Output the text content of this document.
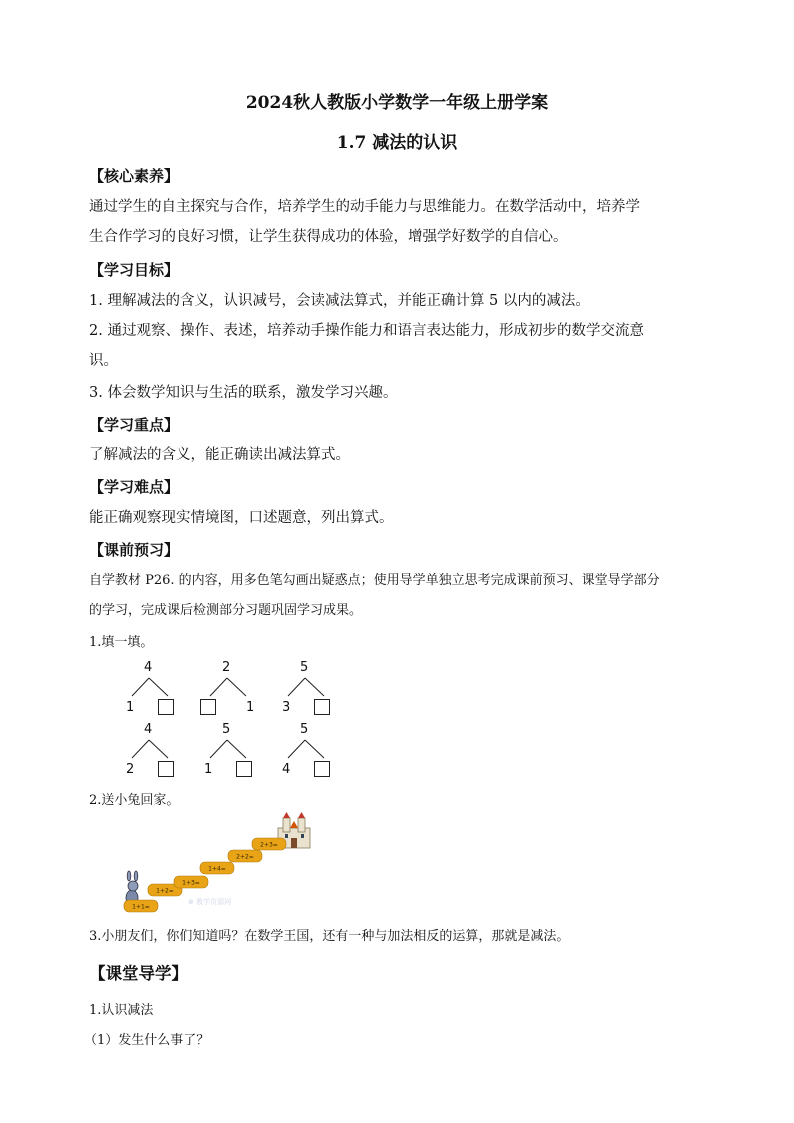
2024秋人教版小学数学一年级上册学案
1.7 减法的认识
【核心素养】
通过学生的自主探究与合作，培养学生的动手能力与思维能力。在数学活动中，培养学
生合作学习的良好习惯，让学生获得成功的体验，增强学好数学的自信心。
【学习目标】
1. 理解减法的含义，认识减号，会读减法算式，并能正确计算 5 以内的减法。
2. 通过观察、操作、表述，培养动手操作能力和语言表达能力，形成初步的数学交流意
识。
3. 体会数学知识与生活的联系，激发学习兴趣。
【学习重点】
了解减法的含义，能正确读出减法算式。
【学习难点】
能正确观察现实情境图，口述题意，列出算式。
【课前预习】
自学教材 P26. 的内容，用多色笔勾画出疑惑点；使用导学单独立思考完成课前预习、课堂导学部分
的学习，完成课后检测部分习题巩固学习成果。
1.填一填。
4
1
2
1
5
3
4
2
5
1
5
4
2.送小兔回家。
⊗ 教学资源网
1+1=
1+2=
1+3=
1+4=
2+2=
2+3=
3.小朋友们，你们知道吗？在数学王国，还有一种与加法相反的运算，那就是减法。
【课堂导学】
1.认识减法
（1）发生什么事了？
